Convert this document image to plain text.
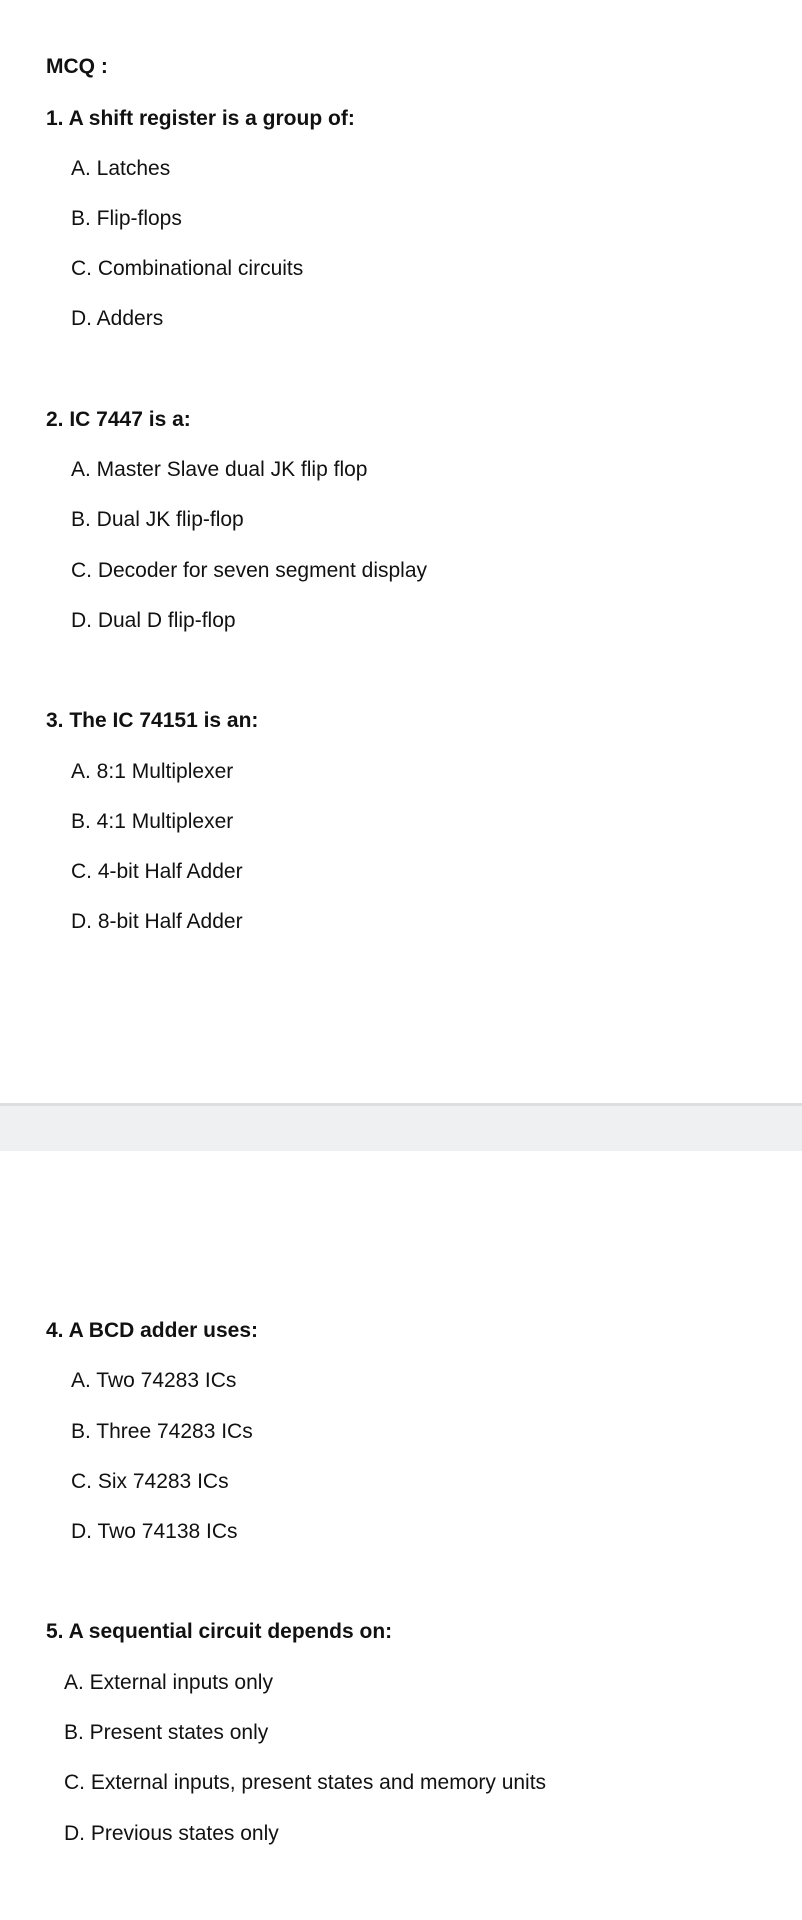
MCQ :
1. A shift register is a group of:
A. Latches
B. Flip-flops
C. Combinational circuits
D. Adders
2. IC 7447 is a:
A. Master Slave dual JK flip flop
B. Dual JK flip-flop
C. Decoder for seven segment display
D. Dual D flip-flop
3. The IC 74151 is an:
A. 8:1 Multiplexer
B. 4:1 Multiplexer
C. 4-bit Half Adder
D. 8-bit Half Adder
4. A BCD adder uses:
A. Two 74283 ICs
B. Three 74283 ICs
C. Six 74283 ICs
D. Two 74138 ICs
5. A sequential circuit depends on:
A. External inputs only
B. Present states only
C. External inputs, present states and memory units
D. Previous states only
